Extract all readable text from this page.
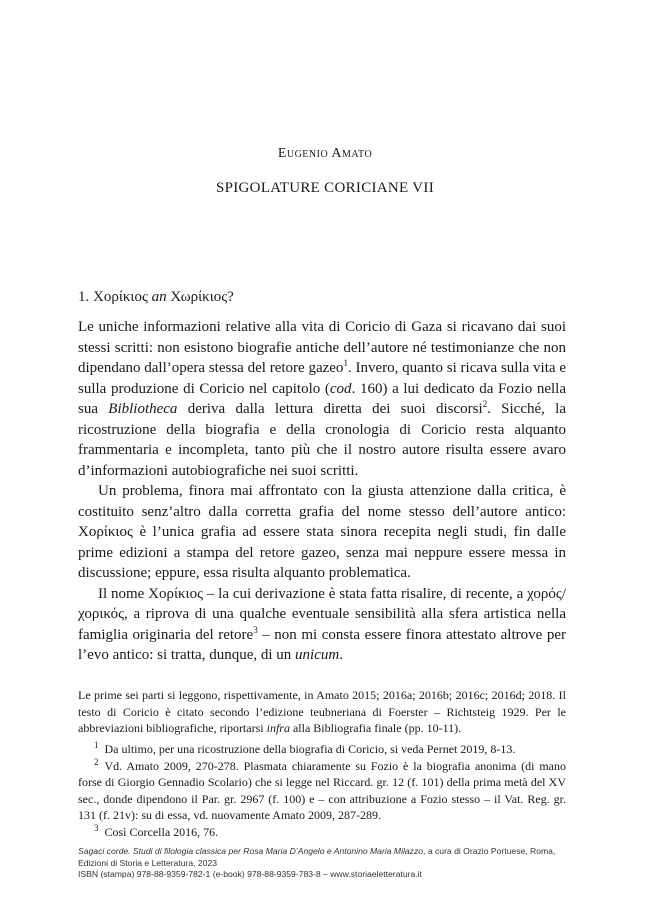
Eugenio Amato
SPIGOLATURE CORICIANE VII
1. Χορίκιος an Χωρίκιος?

Le uniche informazioni relative alla vita di Coricio di Gaza si ricavano dai suoi stessi scritti: non esistono biografie antiche dell’autore né testimonianze che non dipendano dall’opera stessa del retore gazeo$^1$. Invero, quanto si ricava sulla vita e sulla produzione di Coricio nel capitolo (cod. 160) a lui dedicato da Fozio nella sua Bibliotheca deriva dalla lettura diretta dei suoi discorsi$^2$. Sicché, la ricostruzione della biografia e della cronologia di Coricio resta alquanto frammentaria e incompleta, tanto più che il nostro autore risulta essere avaro d’informazioni autobiografiche nei suoi scritti.

Un problema, finora mai affrontato con la giusta attenzione dalla critica, è costituito senz’altro dalla corretta grafia del nome stesso dell’autore antico: Χορίκιος è l’unica grafia ad essere stata sinora recepita negli studi, fin dalle prime edizioni a stampa del retore gazeo, senza mai neppure essere messa in discussione; eppure, essa risulta alquanto problematica.

Il nome Χορίκιος – la cui derivazione è stata fatta risalire, di recente, a χορός/χορικός, a riprova di una qualche eventuale sensibilità alla sfera artistica nella famiglia originaria del retore$^3$ – non mi consta essere finora attestato altrove per l’evo antico: si tratta, dunque, di un unicum.

Le prime sei parti si leggono, rispettivamente, in Amato 2015; 2016a; 2016b; 2016c; 2016d; 2018. Il testo di Coricio è citato secondo l’edizione teubneriana di Foerster – Richtsteig 1929. Per le abbreviazioni bibliografiche, riportarsi infra alla Bibliografia finale (pp. 10-11).

$^1$ Da ultimo, per una ricostruzione della biografia di Coricio, si veda Pernet 2019, 8-13.

$^2$ Vd. Amato 2009, 270-278. Plasmata chiaramente su Fozio è la biografia anonima (di mano forse di Giorgio Gennadio Scolario) che si legge nel Riccard. gr. 12 (f. 101) della prima metà del XV sec., donde dipendono il Par. gr. 2967 (f. 100) e – con attribuzione a Fozio stesso – il Vat. Reg. gr. 131 (f. 21v): su di essa, vd. nuovamente Amato 2009, 287-289.

$^3$ Così Corcella 2016, 76.

Sagaci corde. Studi di filologia classica per Rosa Maria D’Angelo e Antonino Maria Milazzo, a cura di Orazio Portuese, Roma,

Edizioni di Storia e Letteratura, 2023

ISBN (stampa) 978-88-9359-782-1 (e-book) 978-88-9359-783-8 – www.storiaeletteratura.it
